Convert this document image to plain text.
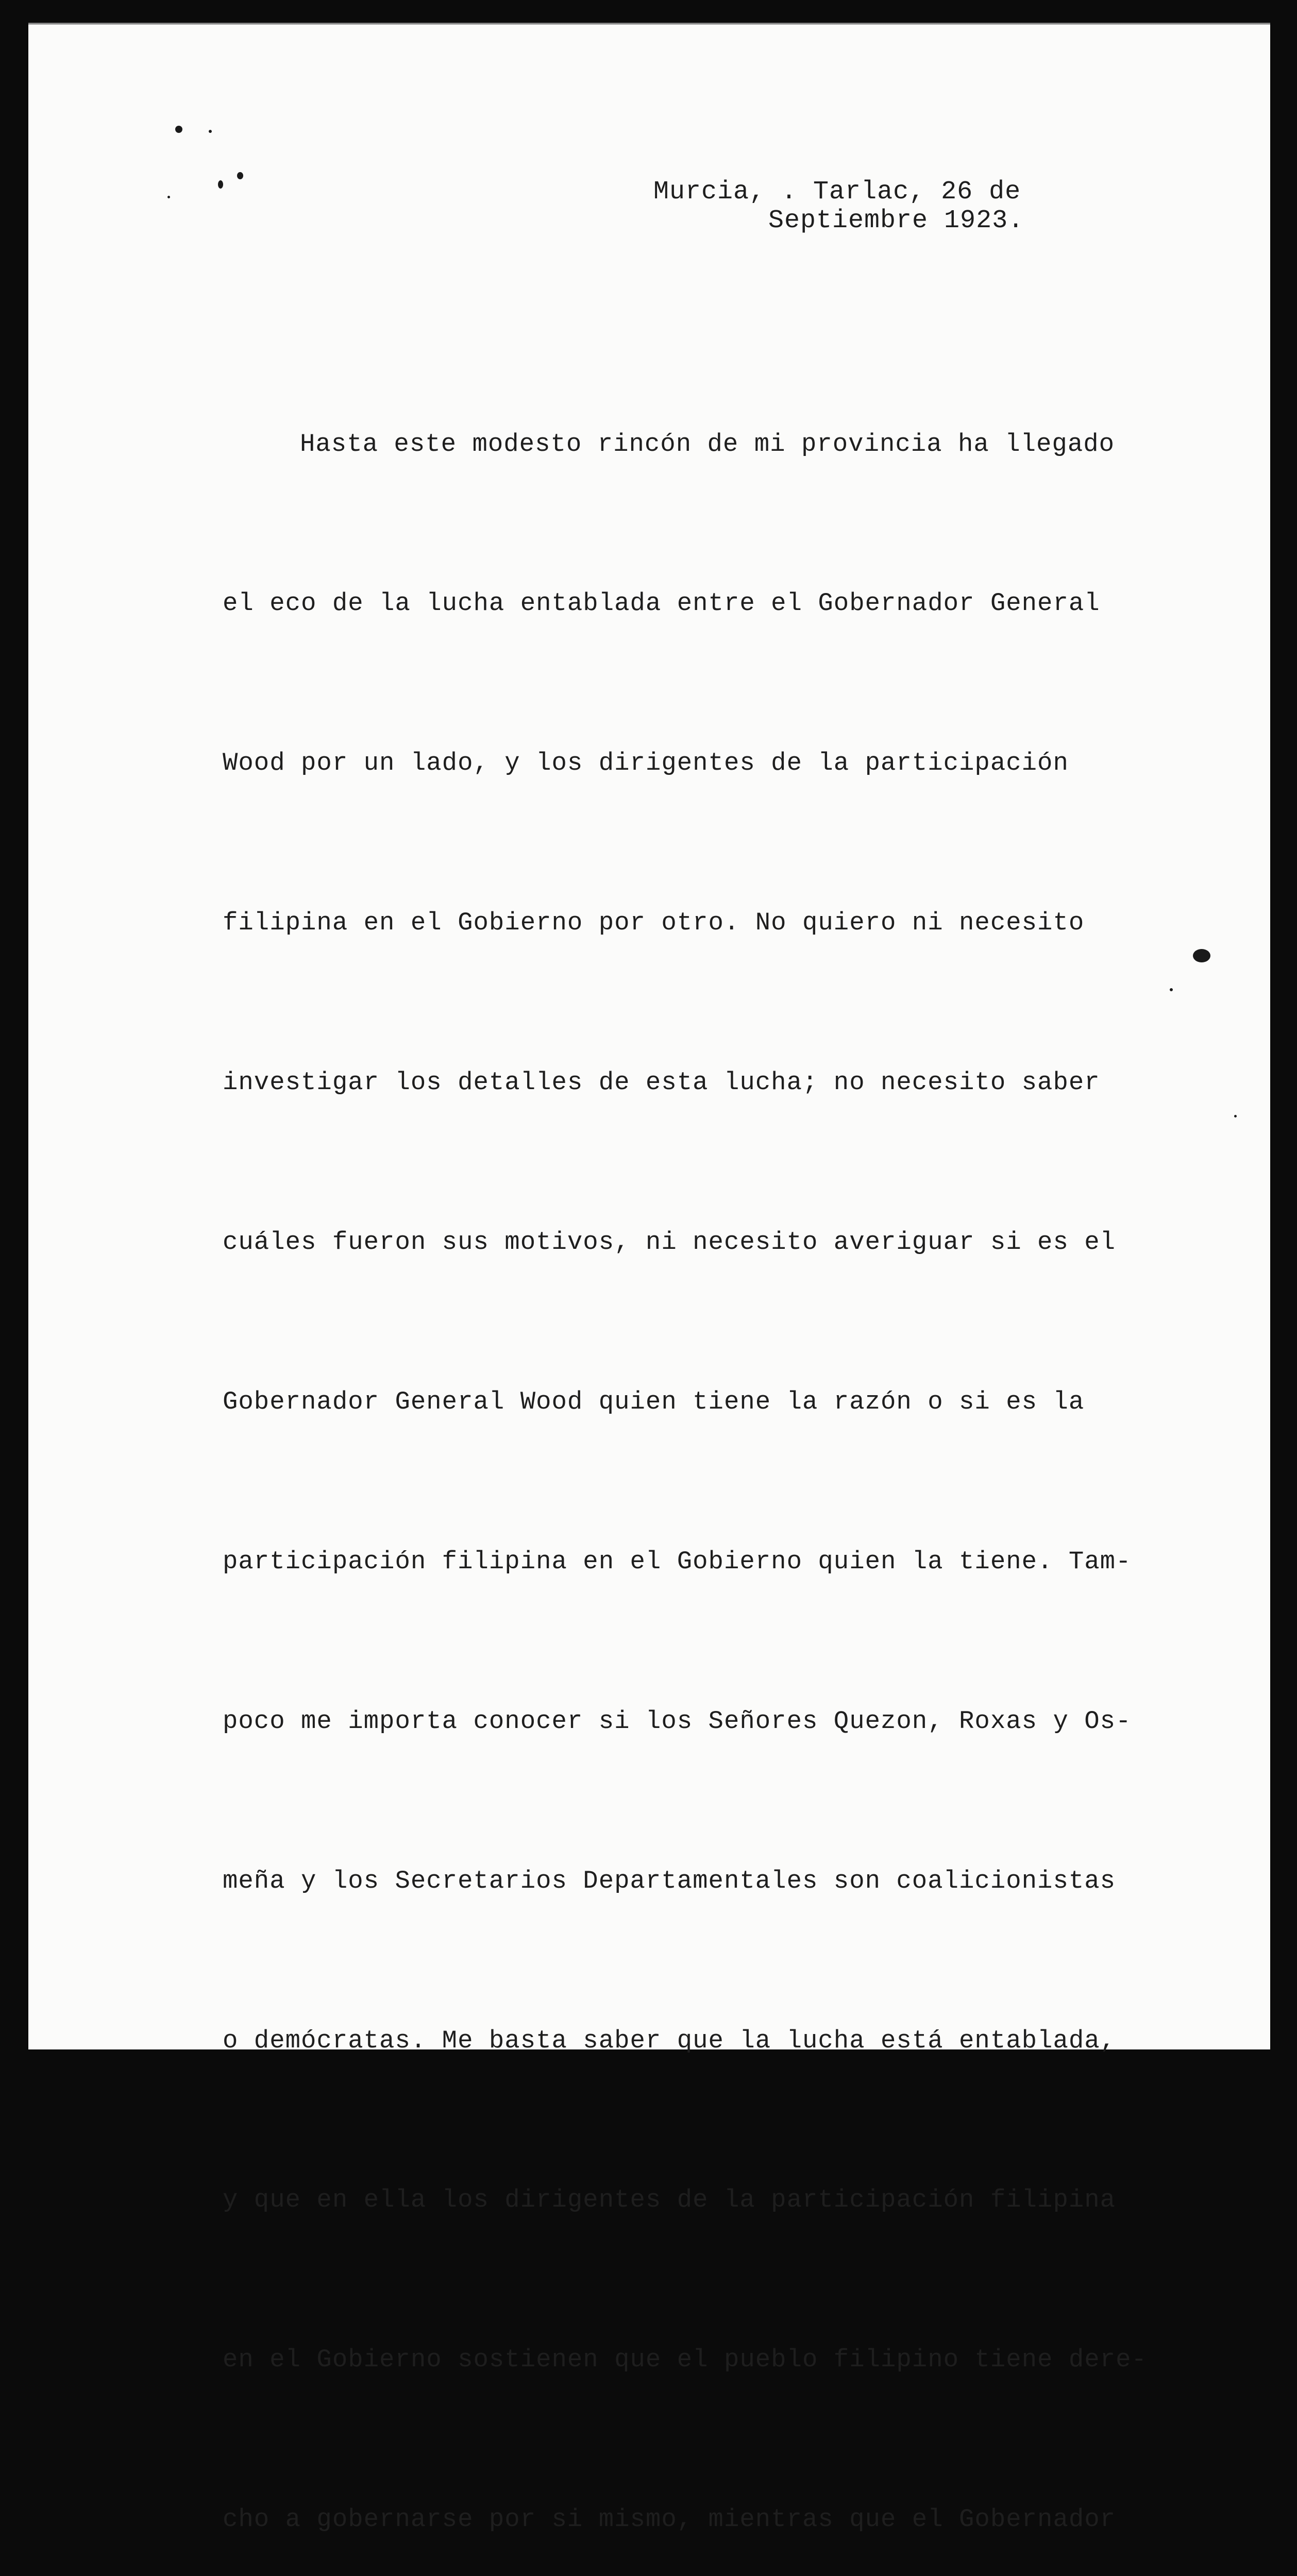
Murcia, . Tarlac, 26 de
Septiembre 1923.

Hasta este modesto rincón de mi provincia ha llegado

el eco de la lucha entablada entre el Gobernador General

Wood por un lado, y los dirigentes de la participación

filipina en el Gobierno por otro. No quiero ni necesito

investigar los detalles de esta lucha; no necesito saber

cuáles fueron sus motivos, ni necesito averiguar si es el

Gobernador General Wood quien tiene la razón o si es la

participación filipina en el Gobierno quien la tiene. Tam-

poco me importa conocer si los Señores Quezon, Roxas y Os-

meña y los Secretarios Departamentales son coalicionistas

o demócratas. Me basta saber que la lucha está entablada,

y que en ella los dirigentes de la participación filipina

en el Gobierno sostienen que el pueblo filipino tiene dere-

cho a gobernarse por si mismo, mientras que el Gobernador
